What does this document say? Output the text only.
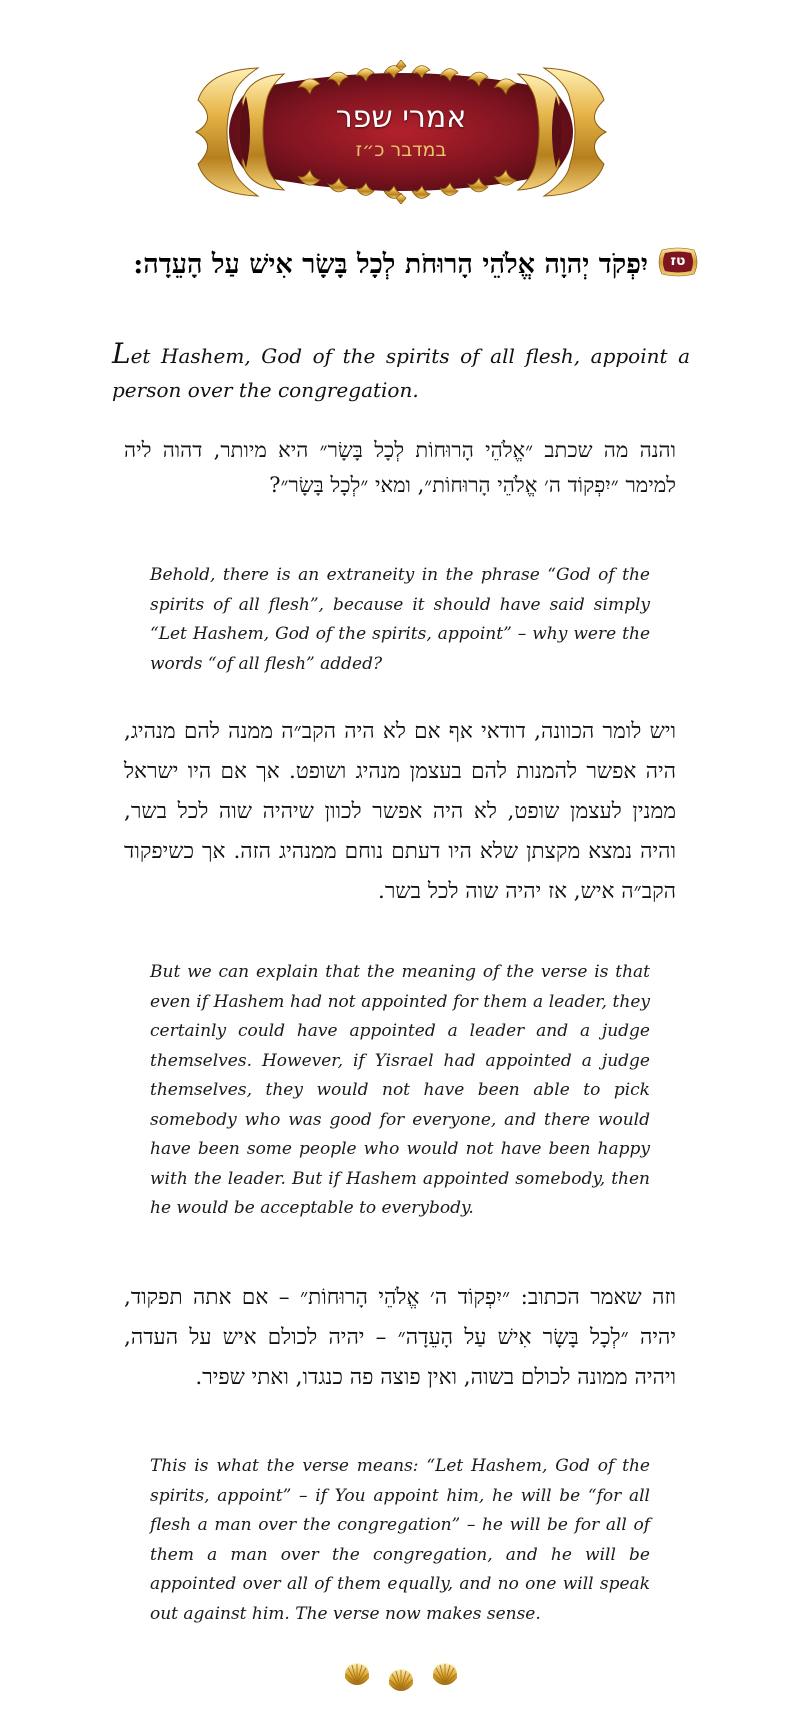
אמרי שפר
במדבר כ״ז
טז
יִפְקֹד יְהוָה אֱלֹהֵי הָרוּחֹת לְכָל בָּשָׂר אִישׁ עַל הָעֵדָה:
Let Hashem, God of the spirits of all flesh, appoint a person over the congregation.
והנה מה שכתב ״אֱלֹהֵי הָרוּחוֹת לְכָל בָּשָׂר״ היא מיותר, דהוה ליה למימר ״יִפְקוֹד ה׳ אֱלֹהֵי הָרוּחוֹת״, ומאי ״לְכָל בָּשָׂר״?
Behold, there is an extraneity in the phrase “God of the spirits of all flesh”, because it should have said simply “Let Hashem, God of the spirits, appoint” – why were the words “of all flesh” added?
ויש לומר הכוונה, דודאי אף אם לא היה הקב״ה ממנה להם מנהיג, היה אפשר להמנות להם בעצמן מנהיג ושופט. אך אם היו ישראל ממנין לעצמן שופט, לא היה אפשר לכוון שיהיה שוה לכל בשר, והיה נמצא מקצתן שלא היו דעתם נוחם ממנהיג הזה. אך כשיפקוד הקב״ה איש, אז יהיה שוה לכל בשר.
But we can explain that the meaning of the verse is that even if Hashem had not appointed for them a leader, they certainly could have appointed a leader and a judge themselves. However, if Yisrael had appointed a judge themselves, they would not have been able to pick somebody who was good for everyone, and there would have been some people who would not have been happy with the leader. But if Hashem appointed somebody, then he would be acceptable to everybody.
וזה שאמר הכתוב: ״יִפְקוֹד ה׳ אֱלֹהֵי הָרוּחוֹת״ – אם אתה תפקוד, יהיה ״לְכָל בָּשָׂר אִישׁ עַל הָעֵדָה״ – יהיה לכולם איש על העדה, ויהיה ממונה לכולם בשוה, ואין פוצה פה כנגדו, ואתי שפיר.
This is what the verse means: “Let Hashem, God of the spirits, appoint” – if You appoint him, he will be “for all flesh a man over the congregation” – he will be for all of them a man over the congregation, and he will be appointed over all of them equally, and no one will speak out against him. The verse now makes sense.
